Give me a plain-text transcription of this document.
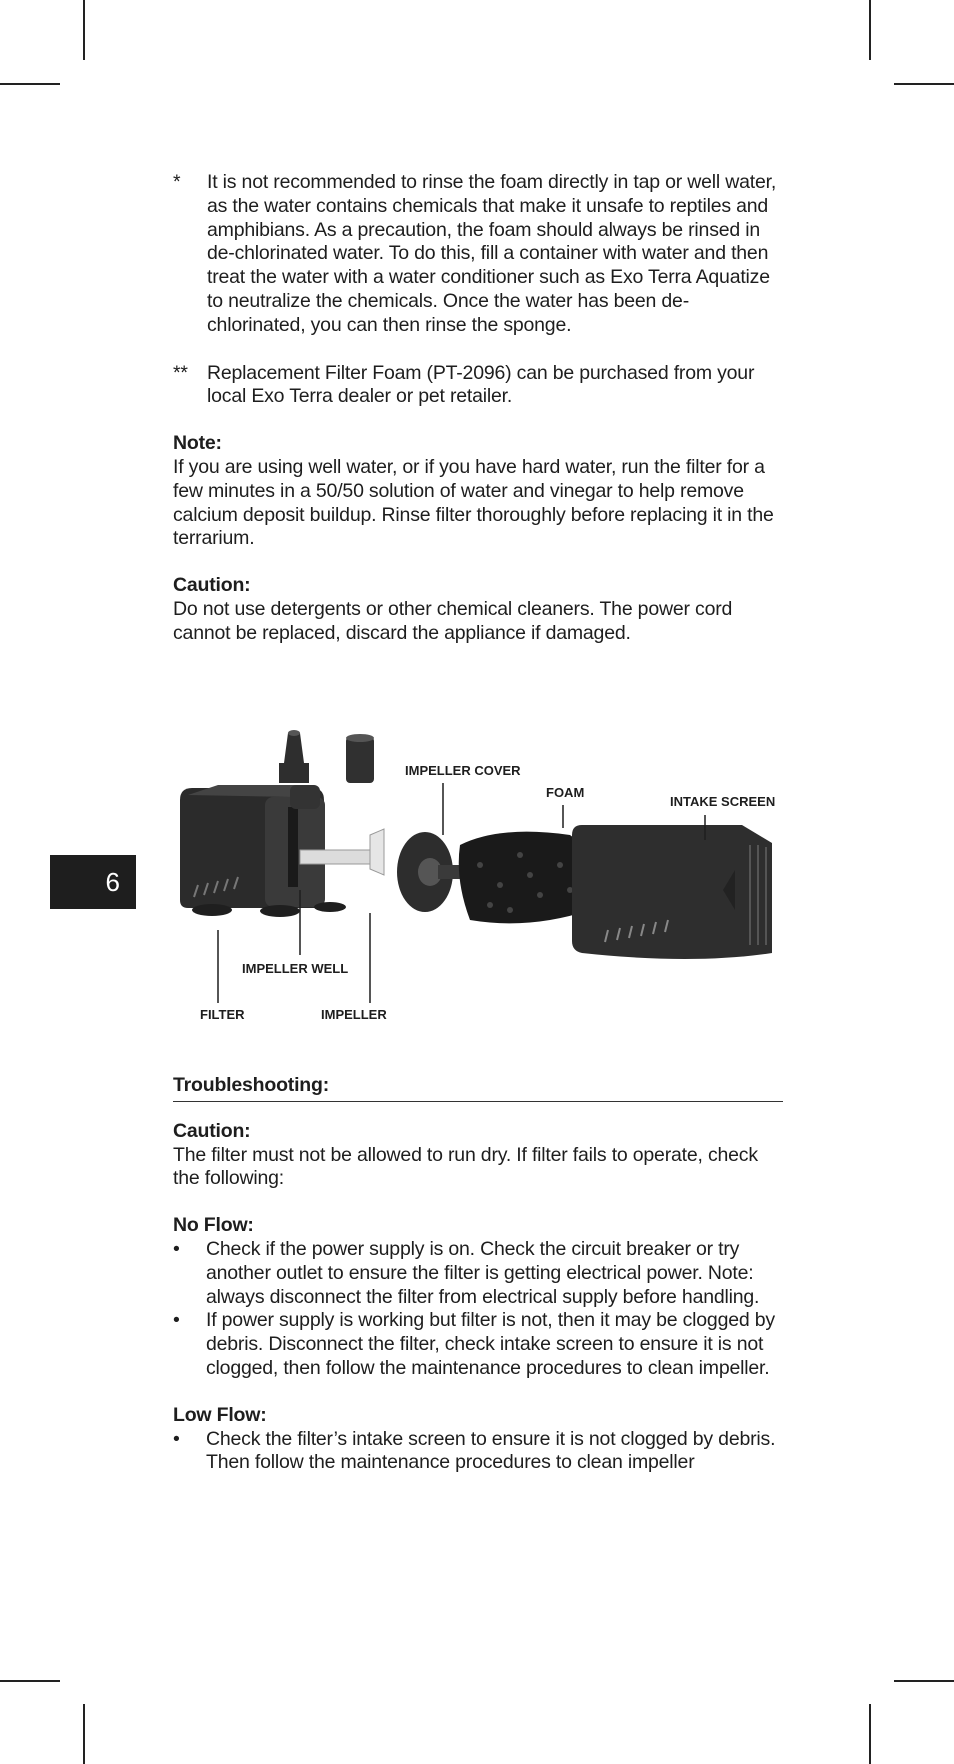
6
*	It is not recommended to rinse the foam directly in tap or well water, as the water contains chemicals that make it unsafe to reptiles and amphibians. As a precaution, the foam should always be rinsed in de-chlorinated water. To do this, fill a container with water and then treat the water with a water conditioner such as Exo Terra Aquatize to neutralize the chemicals. Once the water has been de-chlorinated, you can then rinse the sponge.
** Replacement Filter Foam (PT-2096) can be purchased from your local Exo Terra dealer or pet retailer.

Note:

If you are using well water, or if you have hard water, run the filter for a few minutes in a 50/50 solution of water and vinegar to help remove calcium deposit buildup. Rinse filter thoroughly before replacing it in the terrarium.

Caution:

Do not use detergents or other chemical cleaners. The power cord cannot be replaced, discard the appliance if damaged.

IMPELLER COVER
FOAM
INTAKE SCREEN
IMPELLER WELL
FILTER	IMPELLER

Troubleshooting:

Caution:

The filter must not be allowed to run dry. If filter fails to operate, check the following:

No Flow:

•	Check if the power supply is on. Check the circuit breaker or try another outlet to ensure the filter is getting electrical power. Note: always disconnect the filter from electrical supply before handling.
•	If power supply is working but filter is not, then it may be clogged by debris. Disconnect the filter, check intake screen to ensure it is not clogged, then follow the maintenance procedures to clean impeller.

Low Flow:

•	Check the filter’s intake screen to ensure it is not clogged by debris. Then follow the maintenance procedures to clean impeller
